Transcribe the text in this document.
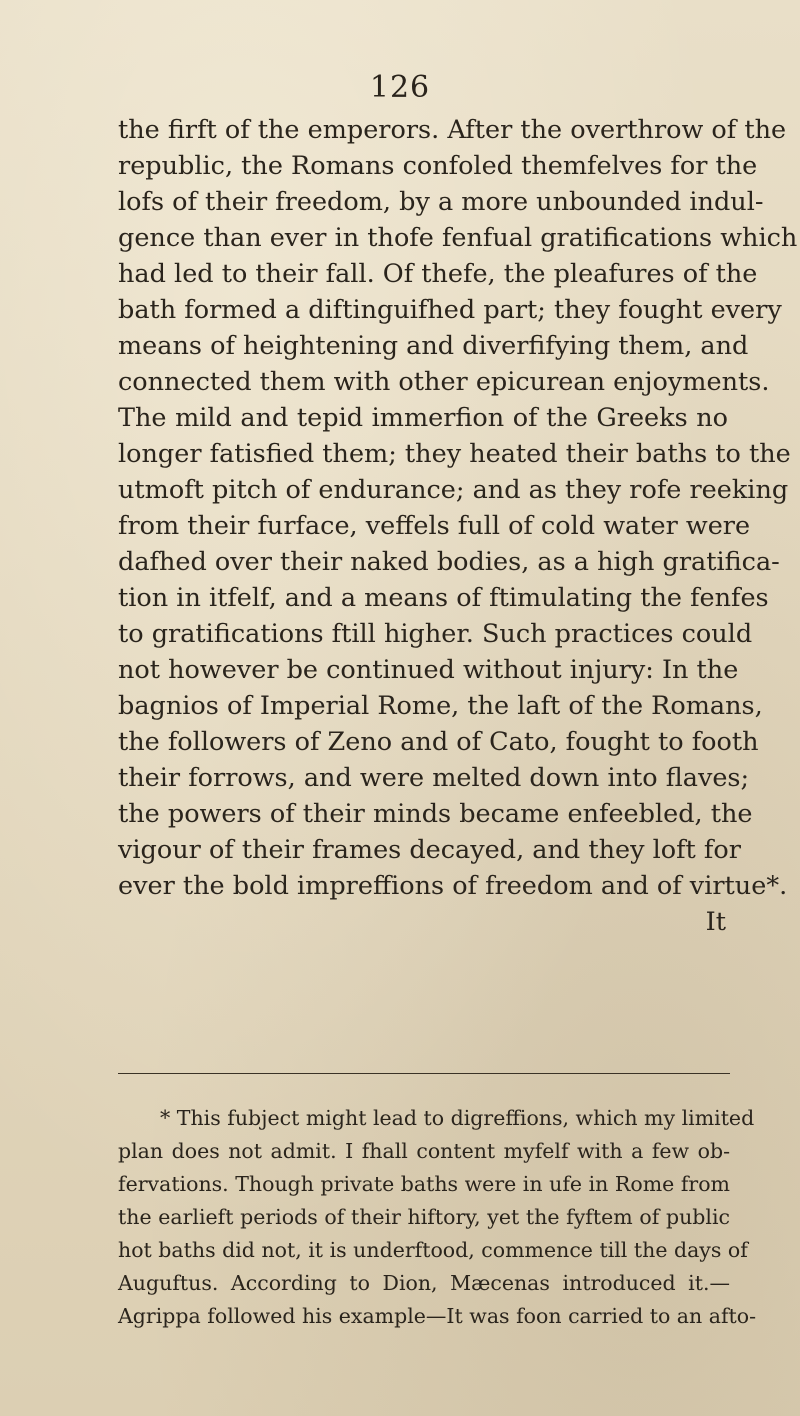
126
the firft of the emperors. After the overthrow of the
republic, the Romans confoled themfelves for the
lofs of their freedom, by a more unbounded indul-
gence than ever in thofe fenfual gratifications which
had led to their fall. Of thefe, the pleafures of the
bath formed a diftinguifhed part; they fought every
means of heightening and diverfifying them, and
connected them with other epicurean enjoyments.
The mild and tepid immerfion of the Greeks no
longer fatisfied them; they heated their baths to the
utmoft pitch of endurance; and as they rofe reeking
from their furface, veffels full of cold water were
dafhed over their naked bodies, as a high gratifica-
tion in itfelf, and a means of ftimulating the fenfes
to gratifications ftill higher. Such practices could
not however be continued without injury: In the
bagnios of Imperial Rome, the laft of the Romans,
the followers of Zeno and of Cato, fought to footh
their forrows, and were melted down into flaves;
the powers of their minds became enfeebled, the
vigour of their frames decayed, and they loft for
ever the bold impreffions of freedom and of virtue*.
It
* This fubject might lead to digreffions, which my limited
plan does not admit. I fhall content myfelf with a few ob-
fervations. Though private baths were in ufe in Rome from
the earlieft periods of their hiftory, yet the fyftem of public
hot baths did not, it is underftood, commence till the days of
Auguftus. According to Dion, Mæcenas introduced it.—
Agrippa followed his example—It was foon carried to an afto-
